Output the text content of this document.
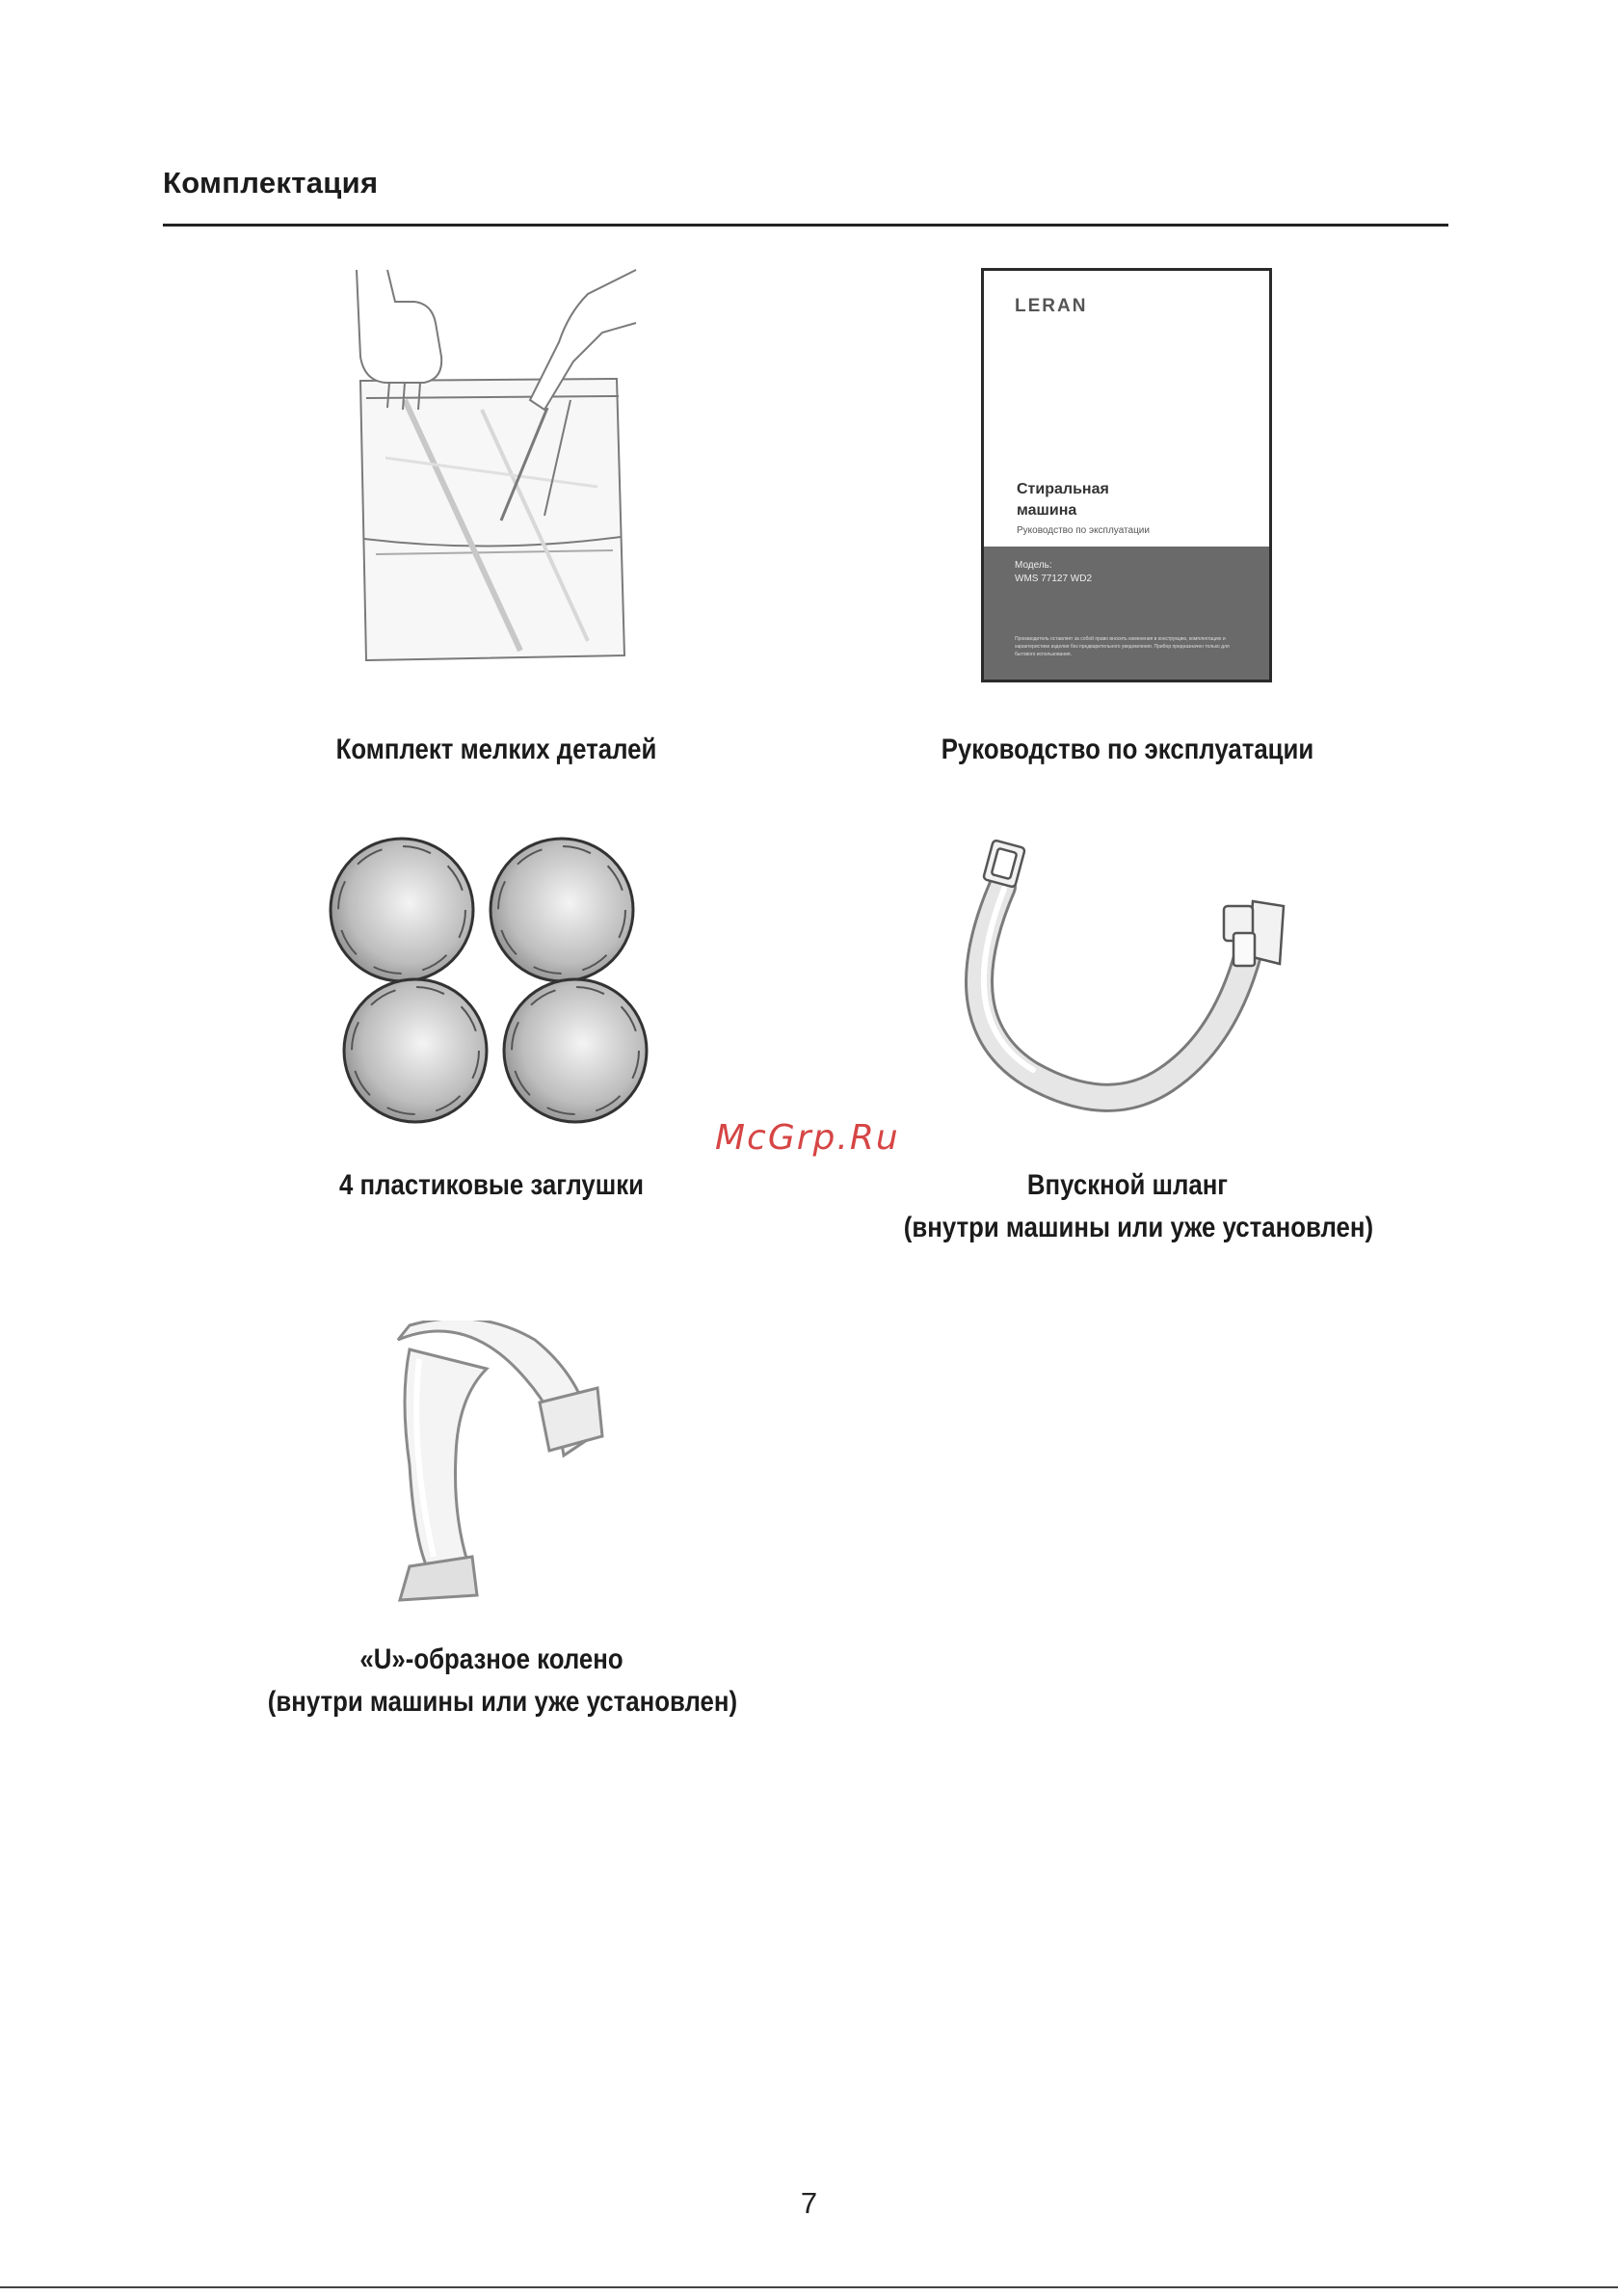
Комплектация
Комплект мелких деталей
LERAN
Стиральная
машина
Руководство по эксплуатации
Модель:
WMS 77127 WD2
Производитель оставляет за собой право вносить изменения в конструкцию, комплектацию и характеристики изделия без предварительного уведомления. Прибор предназначен только для бытового использования.
Руководство по эксплуатации
4 пластиковые заглушки	Впускной шланг
(внутри машины или уже установлен)
«U»-образное колено
(внутри машины или уже установлен)
McGrp.Ru
7
